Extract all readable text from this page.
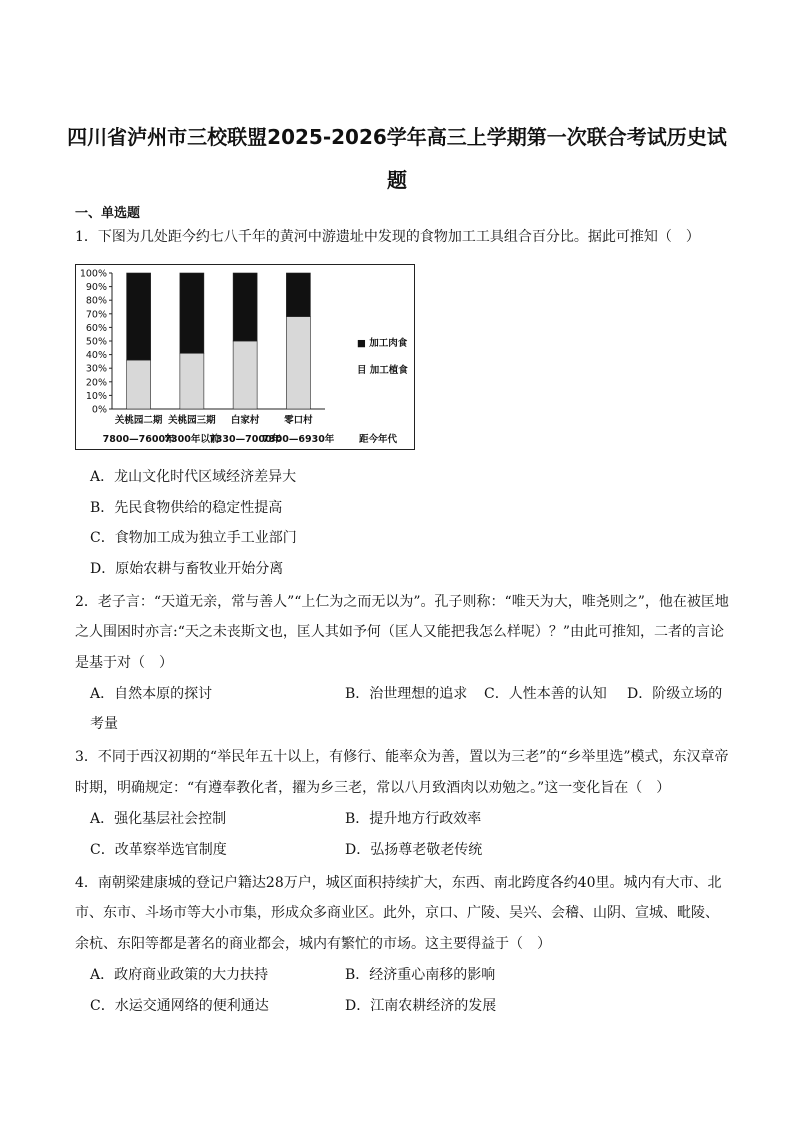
四川省泸州市三校联盟2025-2026学年高三上学期第一次联合考试历史试
题
一、单选题
1．下图为几处距今约七八千年的黄河中游遗址中发现的食物加工工具组合百分比。据此可推知（　）
0%
10%
20%
30%
40%
50%
60%
70%
80%
90%
100%
关桃园二期
7800—7600年
关桃园三期
7300年以前
白家村
7330—7000年
零口村
7300—6930年	距今年代
■ 加工肉食
目 加工植食
A．龙山文化时代区域经济差异大
B．先民食物供给的稳定性提高
C．食物加工成为独立手工业部门
D．原始农耕与畜牧业开始分离
2．老子言：“天道无亲，常与善人”“上仁为之而无以为”。孔子则称：“唯天为大，唯尧则之”，他在被匡地
之人围困时亦言:“天之未丧斯文也，匡人其如予何（匡人又能把我怎么样呢）？”由此可推知，二者的言论
是基于对（　）
A．自然本原的探讨	B．治世理想的追求 C．人性本善的认知 D．阶级立场的
考量
3．不同于西汉初期的“举民年五十以上，有修行、能率众为善，置以为三老”的“乡举里选”模式，东汉章帝
时期，明确规定：“有遵奉教化者，擢为乡三老，常以八月致酒肉以劝勉之。”这一变化旨在（　）
A．强化基层社会控制	B．提升地方行政效率
C．改革察举选官制度	D．弘扬尊老敬老传统
4．南朝梁建康城的登记户籍达28万户，城区面积持续扩大，东西、南北跨度各约40里。城内有大市、北
市、东市、斗场市等大小市集，形成众多商业区。此外，京口、广陵、吴兴、会稽、山阴、宣城、毗陵、
余杭、东阳等都是著名的商业都会，城内有繁忙的市场。这主要得益于（　）
A．政府商业政策的大力扶持	B．经济重心南移的影响
C．水运交通网络的便利通达	D．江南农耕经济的发展
